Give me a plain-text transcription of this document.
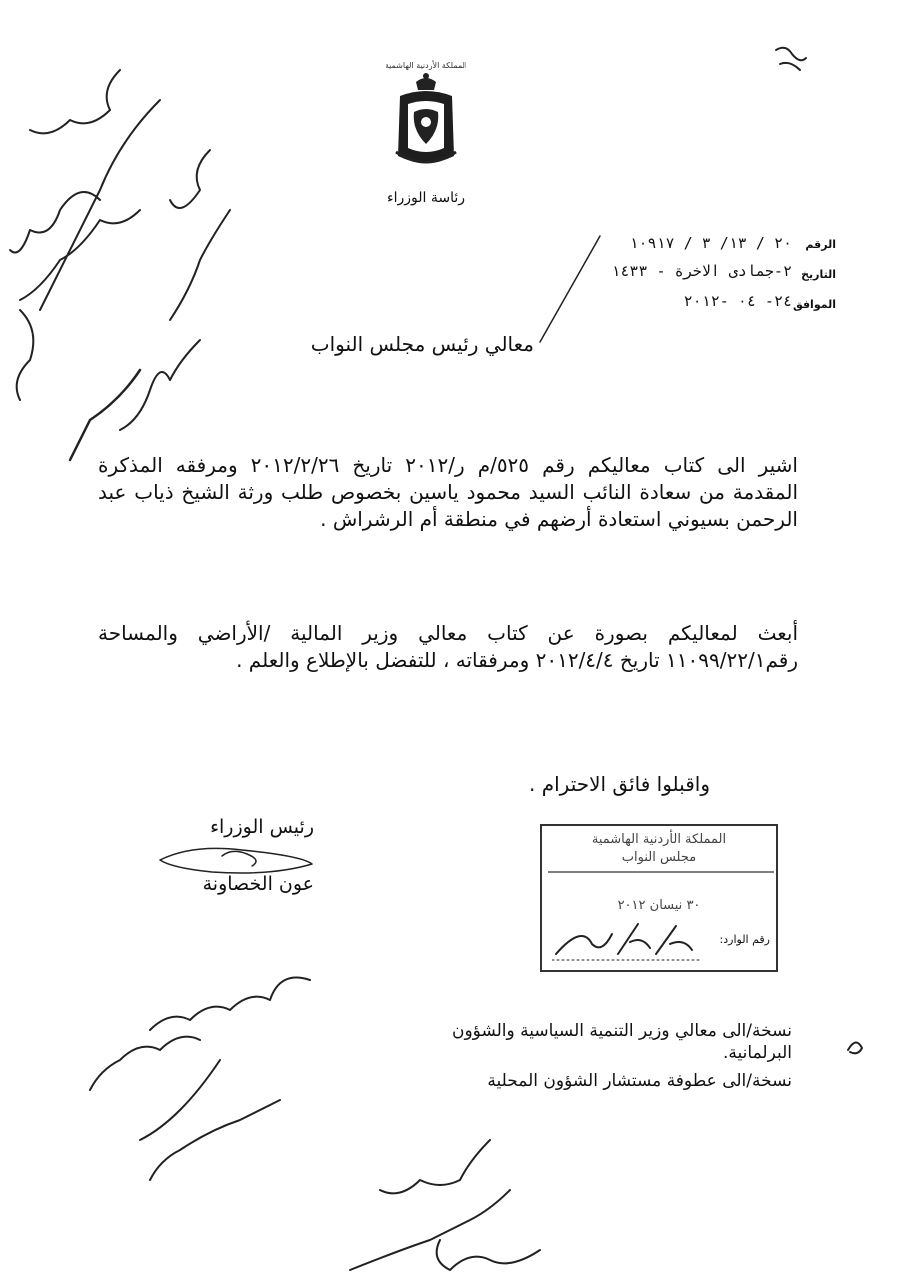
المملكة الأردنية الهاشمية
رئاسة الوزراء
الرقم
٢٠ / ١٣/ ٣ / ١٠٩١٧
التاريخ
٢-جمادى الاخرة - ١٤٣٣
الموافق
٢٤- ٠٤ -٢٠١٢
معالي رئيس مجلس النواب
اشير الى كتاب معاليكم رقم ٥٢٥/م ر/٢٠١٢ تاريخ ٢٠١٢/٢/٢٦ ومرفقه المذكرة المقدمة من سعادة النائب السيد محمود ياسين بخصوص طلب ورثة الشيخ ذياب عبد الرحمن بسيوني استعادة أرضهم في منطقة أم الرشراش .
أبعث لمعاليكم بصورة عن كتاب معالي وزير المالية /الأراضي والمساحة رقم١١٠٩٩/٢٢/١ تاريخ ٢٠١٢/٤/٤ ومرفقاته ، للتفضل بالإطلاع والعلم .
واقبلوا فائق الاحترام .
رئيس الوزراء
عون الخصاونة
المملكة الأردنية الهاشمية
مجلس النواب
٣٠ نيسان ٢٠١٢
رقم الوارد:
نسخة/الى معالي وزير التنمية السياسية والشؤون البرلمانية.
نسخة/الى عطوفة مستشار الشؤون المحلية
